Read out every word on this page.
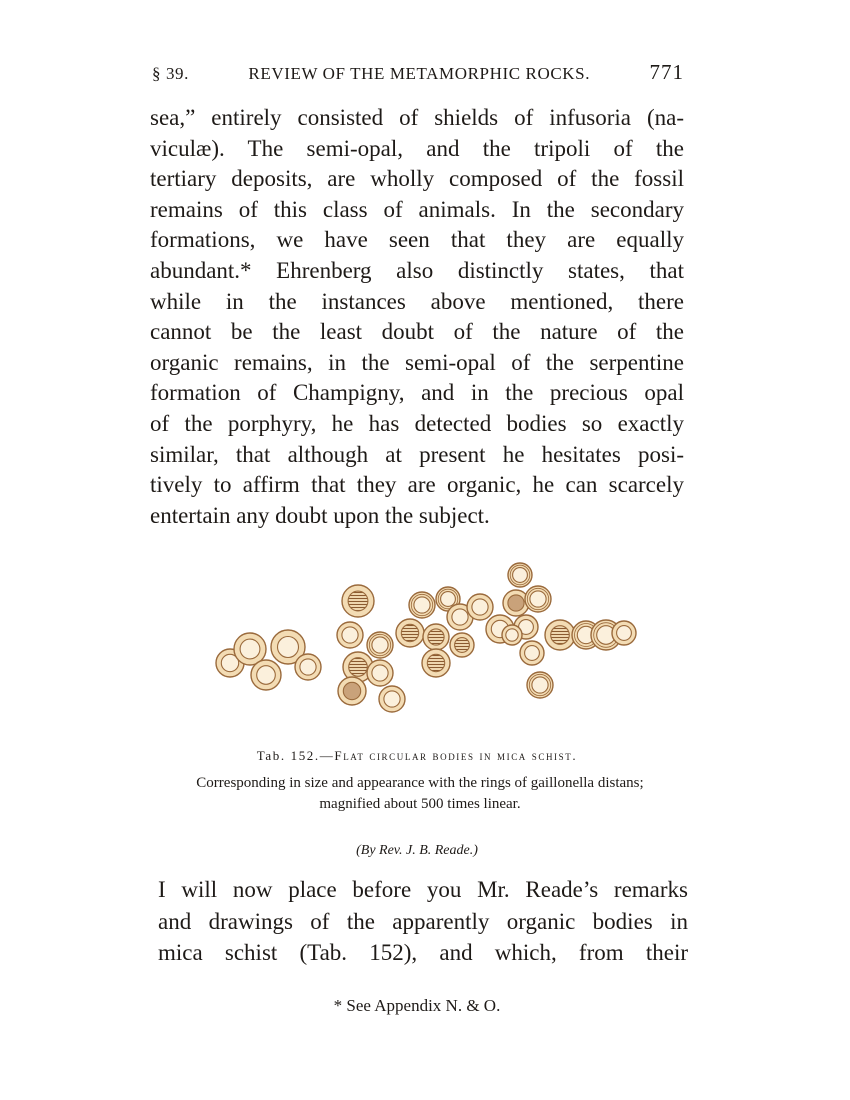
§ 39.	REVIEW OF THE METAMORPHIC ROCKS.	771

sea,” entirely consisted of shields of infusoria (na-
viculæ). The semi-opal, and the tripoli of the
tertiary deposits, are wholly composed of the fossil
remains of this class of animals. In the secondary
formations, we have seen that they are equally
abundant.* Ehrenberg also distinctly states, that
while in the instances above mentioned, there
cannot be the least doubt of the nature of the
organic remains, in the semi-opal of the serpentine
formation of Champigny, and in the precious opal
of the porphyry, he has detected bodies so exactly
similar, that although at present he hesitates posi-
tively to affirm that they are organic, he can scarcely
entertain any doubt upon the subject.

Tab. 152.—Flat circular bodies in mica schist.
Corresponding in size and appearance with the rings of gaillonella distans;
magnified about 500 times linear.
(By Rev. J. B. Reade.)

I will now place before you Mr. Reade’s remarks
and drawings of the apparently organic bodies in
mica schist (Tab. 152), and which, from their

* See Appendix N. & O.
